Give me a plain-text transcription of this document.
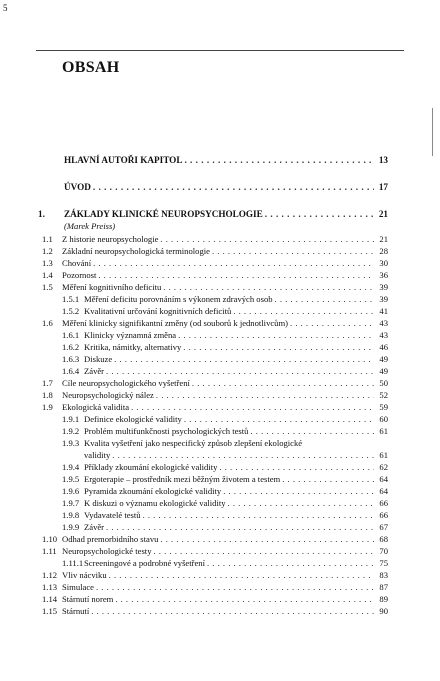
5
OBSAH
HLAVNÍ AUTOŘI KAPITOL . . .	13
ÚVOD . . .	17
1. ZÁKLADY KLINICKÉ NEUROPSYCHOLOGIE . . .	21
1.1 Z historie neuropsychologie . . .	21
1.2 Základní neuropsychologická terminologie . . .	28
1.3 Chování . . .	30
1.4 Pozornost . . .	36
1.5 Měření kognitivního deficitu . . .	39
1.5.1 Měření deficitu porovnáním s výkonem zdravých osob . . .	39
1.5.2 Kvalitativní určování kognitivních deficitů . . .	41
1.6 Měření klinicky signifikantní změny (od souborů k jednotlivcům) . . .	43
1.6.1 Klinicky významná změna . . .	43
1.6.2 Kritika, námitky, alternativy . . .	46
1.6.3 Diskuze . . .	49
1.6.4 Závěr . . .	49
1.7 Cíle neuropsychologického vyšetření . . .	50
1.8 Neuropsychologický nález . . .	52
1.9 Ekologická validita . . .	59
1.9.1 Definice ekologické validity . . .	60
1.9.2 Problém multifunkčnosti psychologických testů . . .	61
1.9.3 Kvalita vyšetření jako nespecifický způsob zlepšení ekologické
validity . . .	61
1.9.4 Příklady zkoumání ekologické validity . . .	62
1.9.5 Ergoterapie – prostředník mezi běžným životem a testem . . .	64
1.9.6 Pyramida zkoumání ekologické validity . . .	64
1.9.7 K diskuzi o významu ekologické validity . . .	66
1.9.8 Vydavatelé testů . . .	66
1.9.9 Závěr . . .	67
1.10 Odhad premorbidního stavu . . .	68
1.11 Neuropsychologické testy . . .	70
1.11.1 Screeningové a podrobné vyšetření . . .	75
1.12 Vliv nácviku . . .	83
1.13 Simulace . . .	87
1.14 Stárnutí norem . . .	89
1.15 Stárnutí . . .	90
(Marek Preiss)
